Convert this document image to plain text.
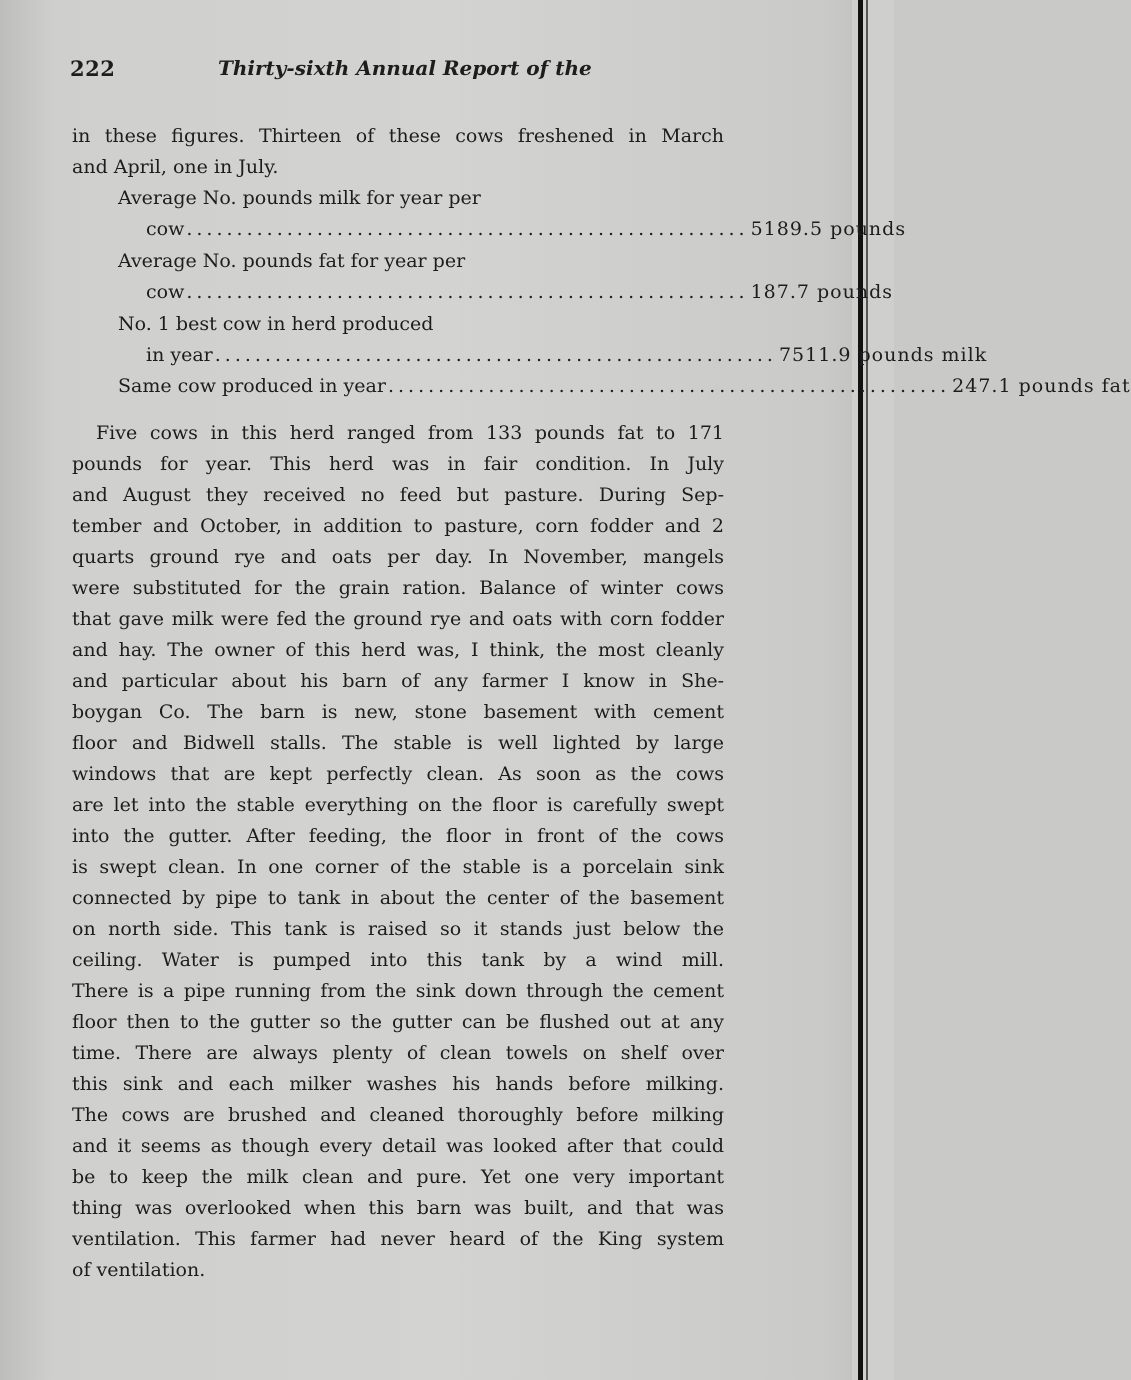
222	Thirty-sixth Annual Report of the
in these figures. Thirteen of these cows freshened in March
and April, one in July.
Average No. pounds milk for year per
cow ........................................................ 5189.5 pounds
Average No. pounds fat for year per
cow ........................................................ 187.7 pounds
No. 1 best cow in herd produced
in year ........................................................ 7511.9 pounds milk
Same cow produced in year ........................................................ 247.1 pounds fat
Five cows in this herd ranged from 133 pounds fat to 171
pounds for year. This herd was in fair condition. In July
and August they received no feed but pasture. During Sep-
tember and October, in addition to pasture, corn fodder and 2
quarts ground rye and oats per day. In November, mangels
were substituted for the grain ration. Balance of winter cows
that gave milk were fed the ground rye and oats with corn fodder
and hay. The owner of this herd was, I think, the most cleanly
and particular about his barn of any farmer I know in She-
boygan Co. The barn is new, stone basement with cement
floor and Bidwell stalls. The stable is well lighted by large
windows that are kept perfectly clean. As soon as the cows
are let into the stable everything on the floor is carefully swept
into the gutter. After feeding, the floor in front of the cows
is swept clean. In one corner of the stable is a porcelain sink
connected by pipe to tank in about the center of the basement
on north side. This tank is raised so it stands just below the
ceiling. Water is pumped into this tank by a wind mill.
There is a pipe running from the sink down through the cement
floor then to the gutter so the gutter can be flushed out at any
time. There are always plenty of clean towels on shelf over
this sink and each milker washes his hands before milking.
The cows are brushed and cleaned thoroughly before milking
and it seems as though every detail was looked after that could
be to keep the milk clean and pure. Yet one very important
thing was overlooked when this barn was built, and that was
ventilation. This farmer had never heard of the King system
of ventilation.
